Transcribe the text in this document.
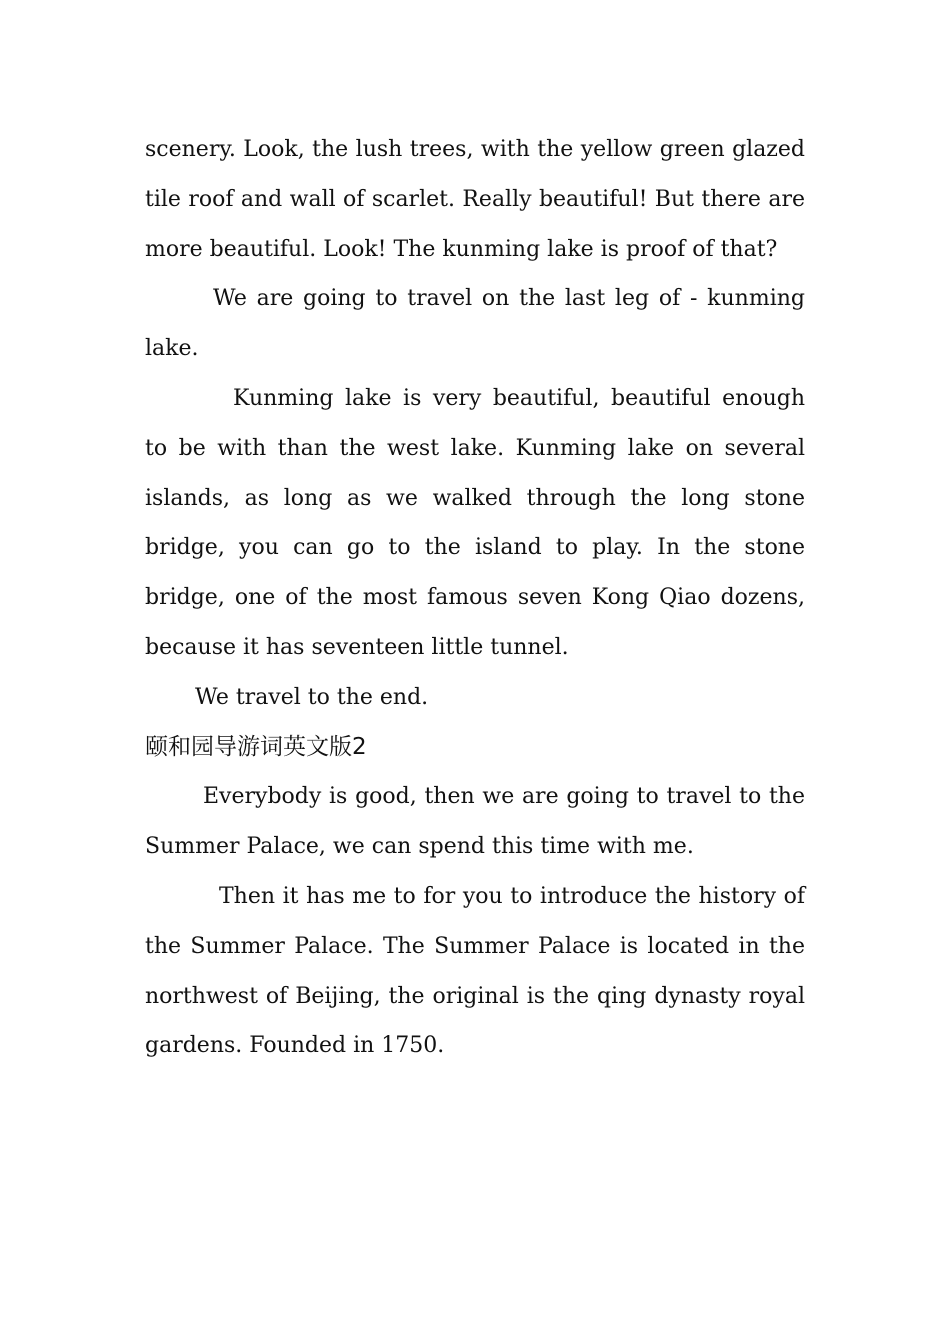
scenery. Look, the lush trees, with the yellow green glazed tile roof and wall of scarlet. Really beautiful! But there are more beautiful. Look! The kunming lake is proof of that?

We are going to travel on the last leg of - kunming lake.

Kunming lake is very beautiful, beautiful enough to be with than the west lake. Kunming lake on several islands, as long as we walked through the long stone bridge, you can go to the island to play. In the stone bridge, one of the most famous seven Kong Qiao dozens, because it has seventeen little tunnel.

We travel to the end.

颐和园导游词英文版2

Everybody is good, then we are going to travel to the Summer Palace, we can spend this time with me.

Then it has me to for you to introduce the history of the Summer Palace. The Summer Palace is located in the northwest of Beijing, the original is the qing dynasty royal gardens. Founded in 1750.
